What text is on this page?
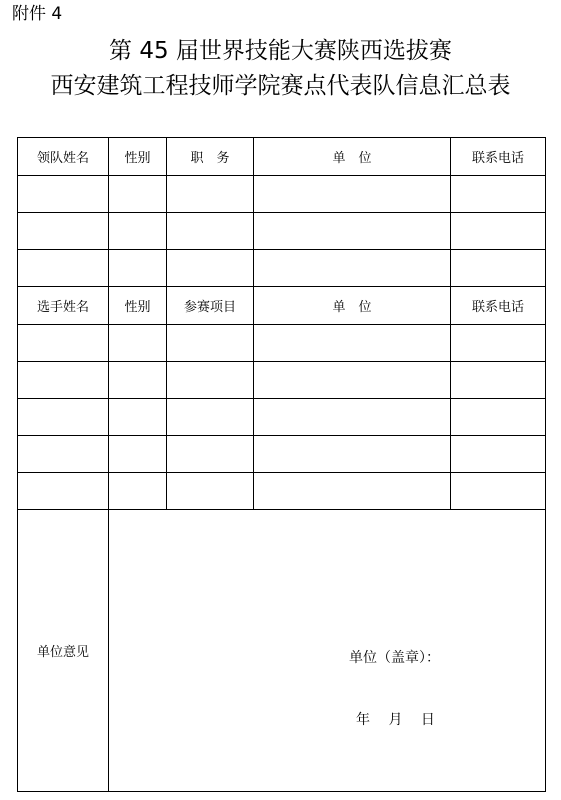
附件 4
第 45 届世界技能大赛陕西选拔赛
西安建筑工程技师学院赛点代表队信息汇总表
领队姓名	性别	职　务	单　位	联系电话

选手姓名	性别	参赛项目	单　位	联系电话

单位意见	单位（盖章）：
年　 月　 日			
